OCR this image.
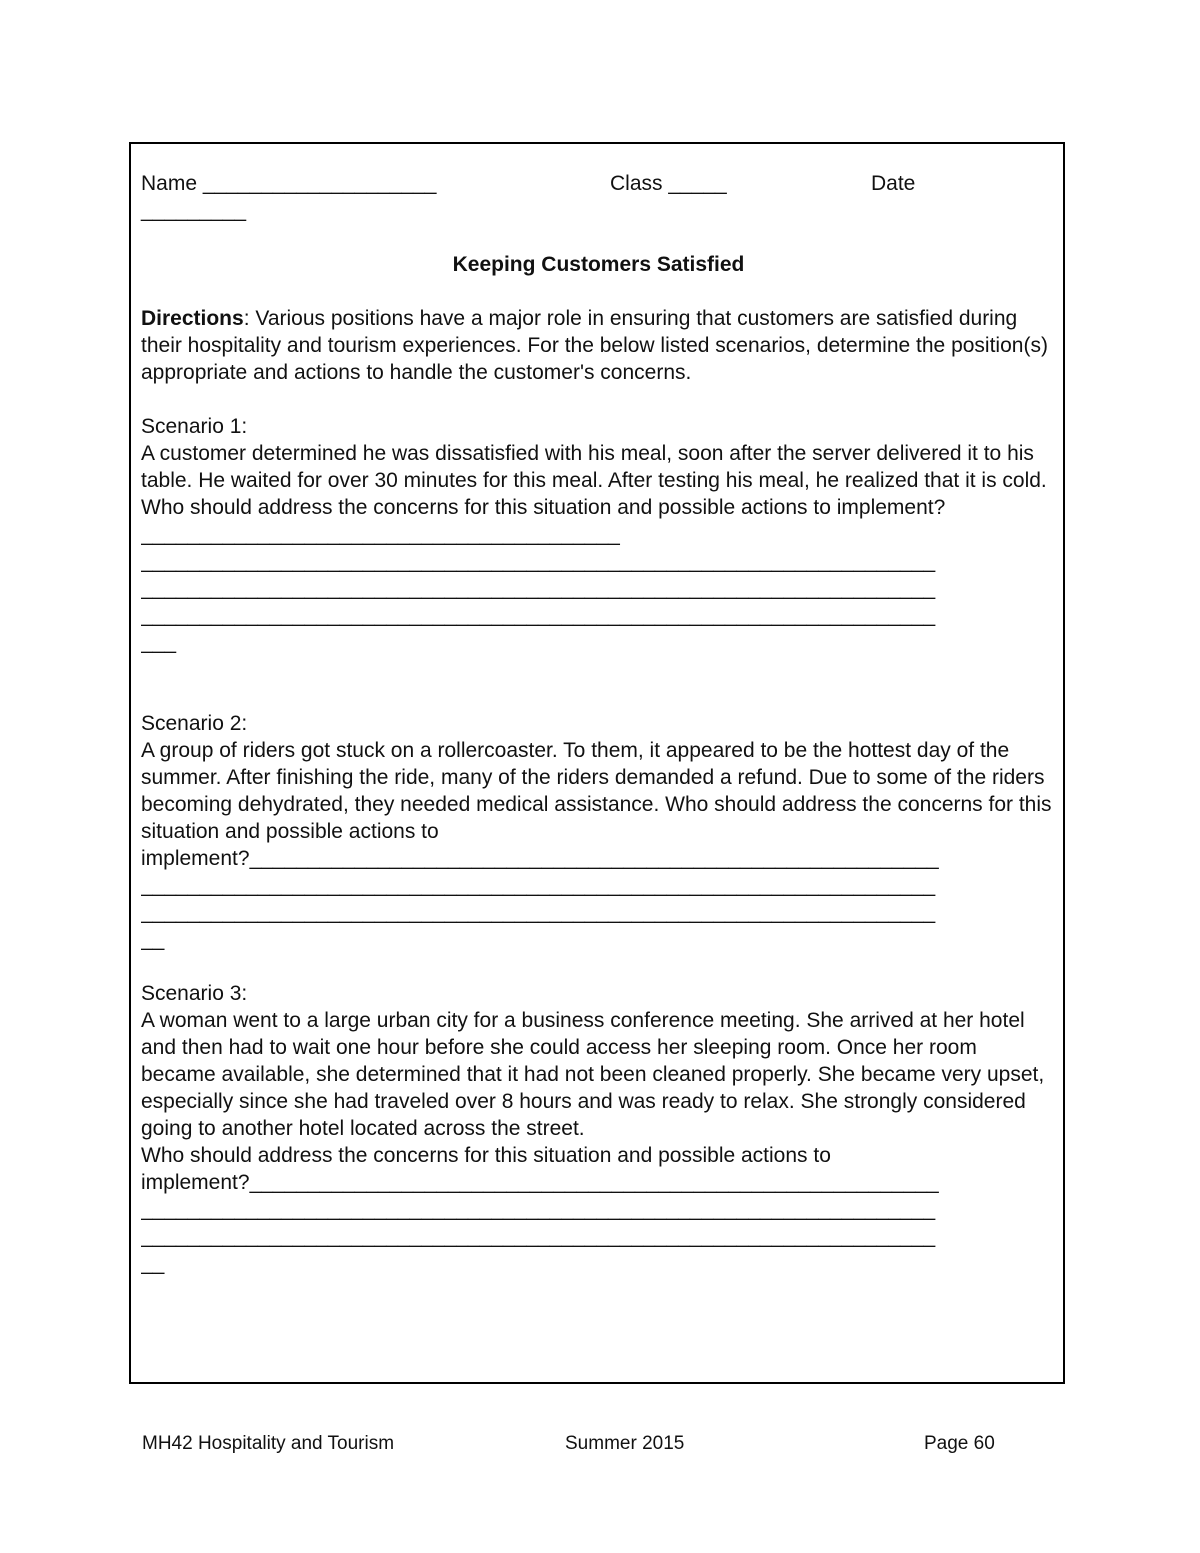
Name ____________________	Class _____	Date
_________
Keeping Customers Satisfied
Directions: Various positions have a major role in ensuring that customers are satisfied during their hospitality and tourism experiences. For the below listed scenarios, determine the position(s) appropriate and actions to handle the customer's concerns.
Scenario 1:
A customer determined he was dissatisfied with his meal, soon after the server delivered it to his table. He waited for over 30 minutes for this meal. After testing his meal, he realized that it is cold. Who should address the concerns for this situation and possible actions to implement?_________________________________________
____________________________________________________________________
____________________________________________________________________
____________________________________________________________________
___
Scenario 2:
A group of riders got stuck on a rollercoaster. To them, it appeared to be the hottest day of the summer. After finishing the ride, many of the riders demanded a refund. Due to some of the riders becoming dehydrated, they needed medical assistance. Who should address the concerns for this situation and possible actions to
implement?___________________________________________________________
____________________________________________________________________
____________________________________________________________________
__
Scenario 3:
A woman went to a large urban city for a business conference meeting. She arrived at her hotel and then had to wait one hour before she could access her sleeping room. Once her room became available, she determined that it had not been cleaned properly. She became very upset, especially since she had traveled over 8 hours and was ready to relax. She strongly considered going to another hotel located across the street.
Who should address the concerns for this situation and possible actions to
implement?___________________________________________________________
____________________________________________________________________
____________________________________________________________________
__
MH42 Hospitality and Tourism	Summer 2015	Page 60
